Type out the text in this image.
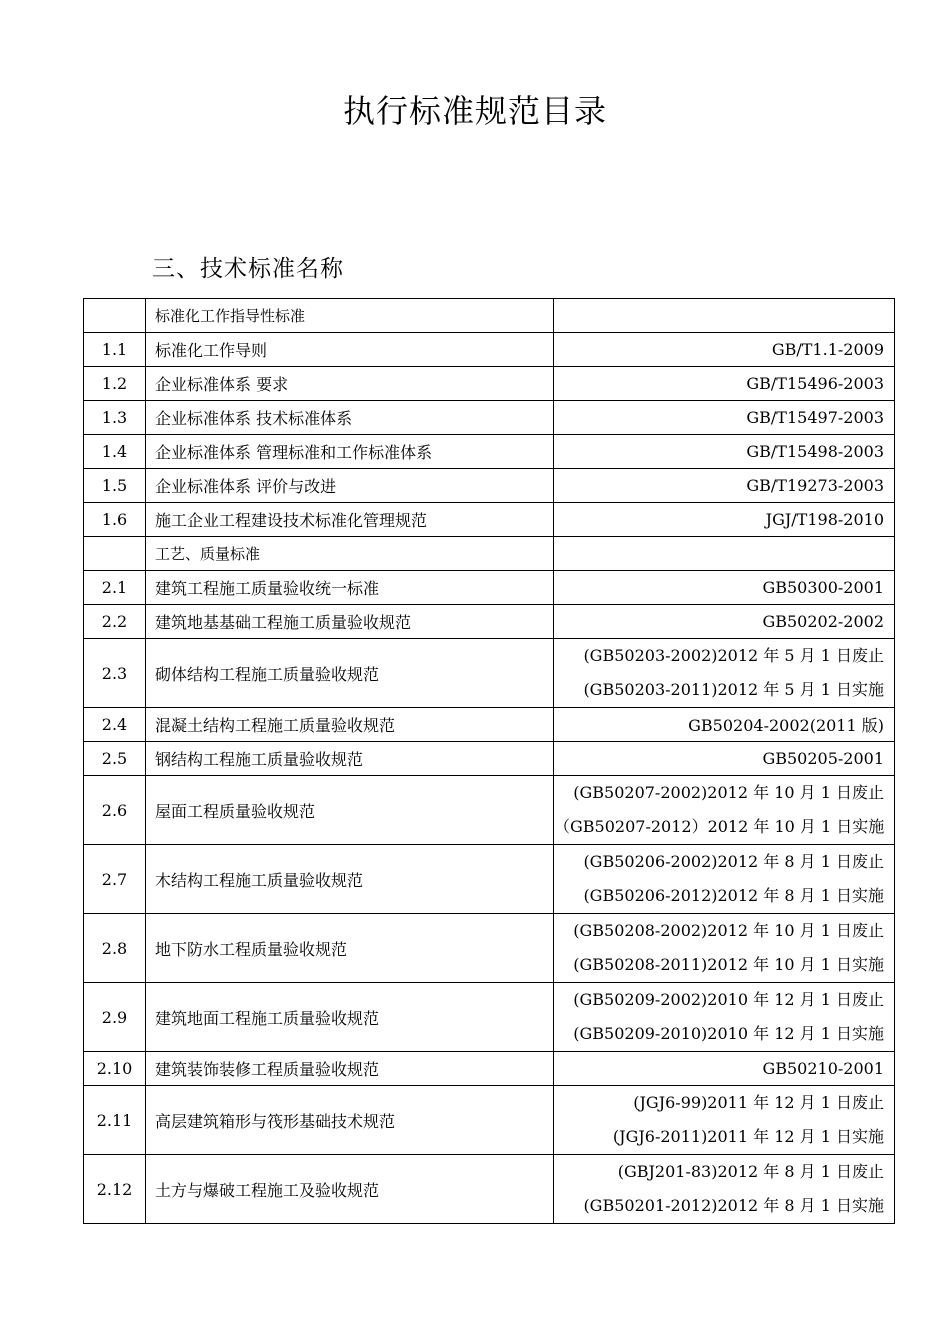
执行标准规范目录
三、技术标准名称
	标准化工作指导性标准	
1.1	标准化工作导则	GB/T1.1-2009

1.2	企业标准体系 要求	GB/T15496-2003

1.3	企业标准体系 技术标准体系	GB/T15497-2003

1.4	企业标准体系 管理标准和工作标准体系	GB/T15498-2003

1.5	企业标准体系 评价与改进	GB/T19273-2003

1.6	施工企业工程建设技术标准化管理规范	JGJ/T198-2010

	工艺、质量标准	
2.1	建筑工程施工质量验收统一标准	GB50300-2001

2.2	建筑地基基础工程施工质量验收规范	GB50202-2002

2.3	砌体结构工程施工质量验收规范	(GB50203-2002)2012 年 5 月 1 日废止
(GB50203-2011)2012 年 5 月 1 日实施

2.4	混凝土结构工程施工质量验收规范	GB50204-2002(2011 版)

2.5	钢结构工程施工质量验收规范	GB50205-2001

2.6	屋面工程质量验收规范	(GB50207-2002)2012 年 10 月 1 日废止
（GB50207-2012）2012 年 10 月 1 日实施

2.7	木结构工程施工质量验收规范	(GB50206-2002)2012 年 8 月 1 日废止
(GB50206-2012)2012 年 8 月 1 日实施

2.8	地下防水工程质量验收规范	(GB50208-2002)2012 年 10 月 1 日废止
(GB50208-2011)2012 年 10 月 1 日实施

2.9	建筑地面工程施工质量验收规范	(GB50209-2002)2010 年 12 月 1 日废止
(GB50209-2010)2010 年 12 月 1 日实施

2.10	建筑装饰装修工程质量验收规范	GB50210-2001

2.11	高层建筑箱形与筏形基础技术规范	(JGJ6-99)2011 年 12 月 1 日废止
(JGJ6-2011)2011 年 12 月 1 日实施

2.12	土方与爆破工程施工及验收规范	(GBJ201-83)2012 年 8 月 1 日废止
(GB50201-2012)2012 年 8 月 1 日实施
